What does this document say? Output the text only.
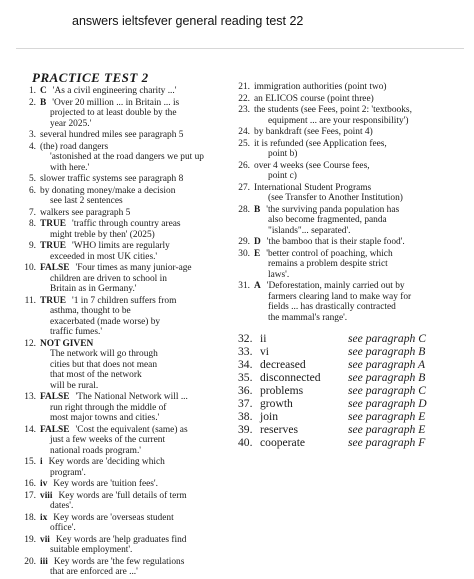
answers ieltsfever general reading test 22
PRACTICE TEST 2
1. C 'As a civil engineering charity ...'
2. B 'Over 20 million ... in Britain ... is
projected to at least double by the
year 2025.'
3. several hundred miles see paragraph 5
4. (the) road dangers
'astonished at the road dangers we put up
with here.'
5. slower traffic systems see paragraph 8
6. by donating money/make a decision
see last 2 sentences
7. walkers see paragraph 5
8. TRUE 'traffic through country areas
might treble by then' (2025)
9. TRUE 'WHO limits are regularly
exceeded in most UK cities.'
10. FALSE 'Four times as many junior-age
children are driven to school in
Britain as in Germany.'
11. TRUE '1 in 7 children suffers from
asthma, thought to be
exacerbated (made worse) by
traffic fumes.'
12. NOT GIVEN
The network will go through
cities but that does not mean
that most of the network
will be rural.
13. FALSE 'The National Network will ...
run right through the middle of
most major towns and cities.'
14. FALSE 'Cost the equivalent (same) as
just a few weeks of the current
national roads program.'
15. i Key words are 'deciding which
program'.
16. iv Key words are 'tuition fees'.
17. viii Key words are 'full details of term
dates'.
18. ix Key words are 'overseas student
office'.
19. vii Key words are 'help graduates find
suitable employment'.
20. iii Key words are 'the few regulations
that are enforced are ...'
21. immigration authorities (point two)
22. an ELICOS course (point three)
23. the students (see Fees, point 2: 'textbooks,
equipment ... are your responsibility')
24. by bankdraft (see Fees, point 4)
25. it is refunded (see Application fees,
point b)
26. over 4 weeks (see Course fees,
point c)
27. International Student Programs
(see Transfer to Another Institution)
28. B 'the surviving panda population has
also become fragmented, panda
"islands"... separated'.
29. D 'the bamboo that is their staple food'.
30. E 'better control of poaching, which
remains a problem despite strict
laws'.
31. A 'Deforestation, mainly carried out by
farmers clearing land to make way for
fields ... has drastically contracted
the mammal's range'.
32. ii	see paragraph C
33. vi	see paragraph B
34. decreased	see paragraph A
35. disconnected	see paragraph B
36. problems	see paragraph C
37. growth	see paragraph D
38. join	see paragraph E
39. reserves	see paragraph E
40. cooperate	see paragraph F
